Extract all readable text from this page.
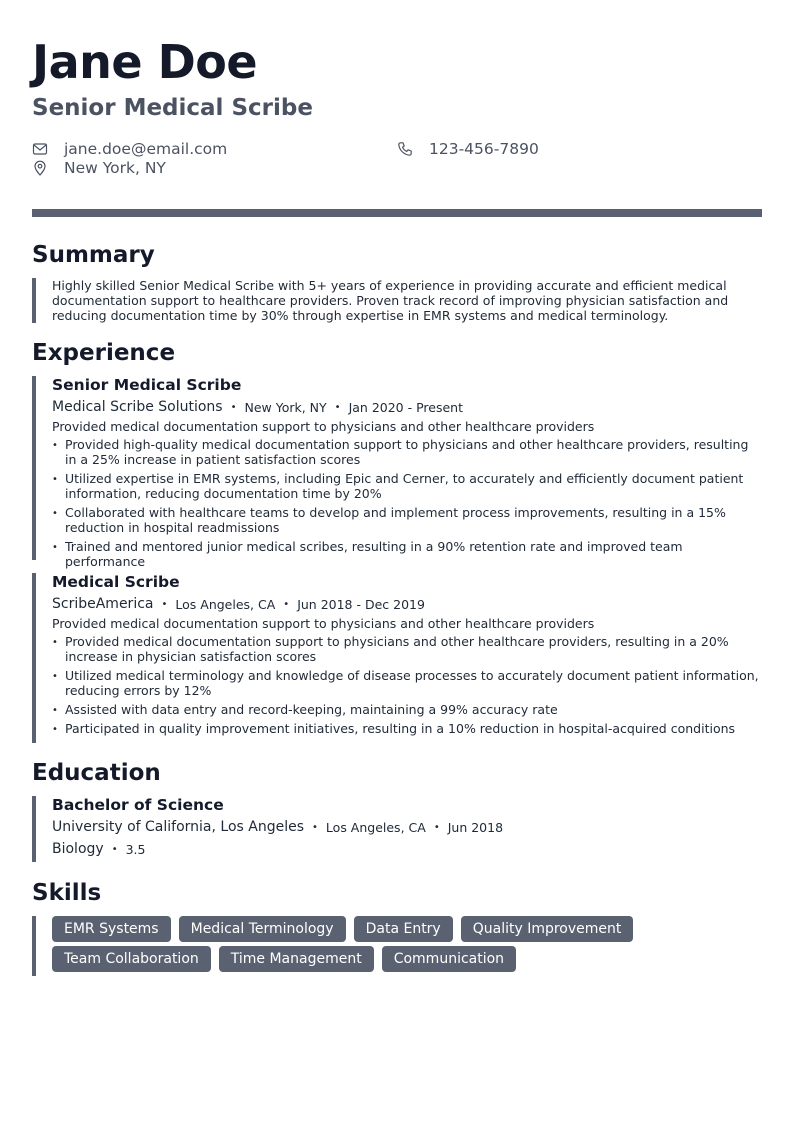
Jane Doe
Senior Medical Scribe
jane.doe@email.com
New York, NY
123-456-7890
Summary
Highly skilled Senior Medical Scribe with 5+ years of experience in providing accurate and efficient medical documentation support to healthcare providers. Proven track record of improving physician satisfaction and reducing documentation time by 30% through expertise in EMR systems and medical terminology.
Experience
Senior Medical Scribe
Medical Scribe Solutions • New York, NY • Jan 2020 - Present
Provided medical documentation support to physicians and other healthcare providers
• Provided high-quality medical documentation support to physicians and other healthcare providers, resulting in a 25% increase in patient satisfaction scores
• Utilized expertise in EMR systems, including Epic and Cerner, to accurately and efficiently document patient information, reducing documentation time by 20%
• Collaborated with healthcare teams to develop and implement process improvements, resulting in a 15% reduction in hospital readmissions
• Trained and mentored junior medical scribes, resulting in a 90% retention rate and improved team performance
Medical Scribe
ScribeAmerica • Los Angeles, CA • Jun 2018 - Dec 2019
Provided medical documentation support to physicians and other healthcare providers
• Provided medical documentation support to physicians and other healthcare providers, resulting in a 20% increase in physician satisfaction scores
• Utilized medical terminology and knowledge of disease processes to accurately document patient information, reducing errors by 12%
• Assisted with data entry and record-keeping, maintaining a 99% accuracy rate
• Participated in quality improvement initiatives, resulting in a 10% reduction in hospital-acquired conditions
Education
Bachelor of Science
University of California, Los Angeles • Los Angeles, CA • Jun 2018
Biology • 3.5
Skills
EMR Systems	Medical Terminology	Data Entry	Quality Improvement
Team Collaboration	Time Management	Communication
